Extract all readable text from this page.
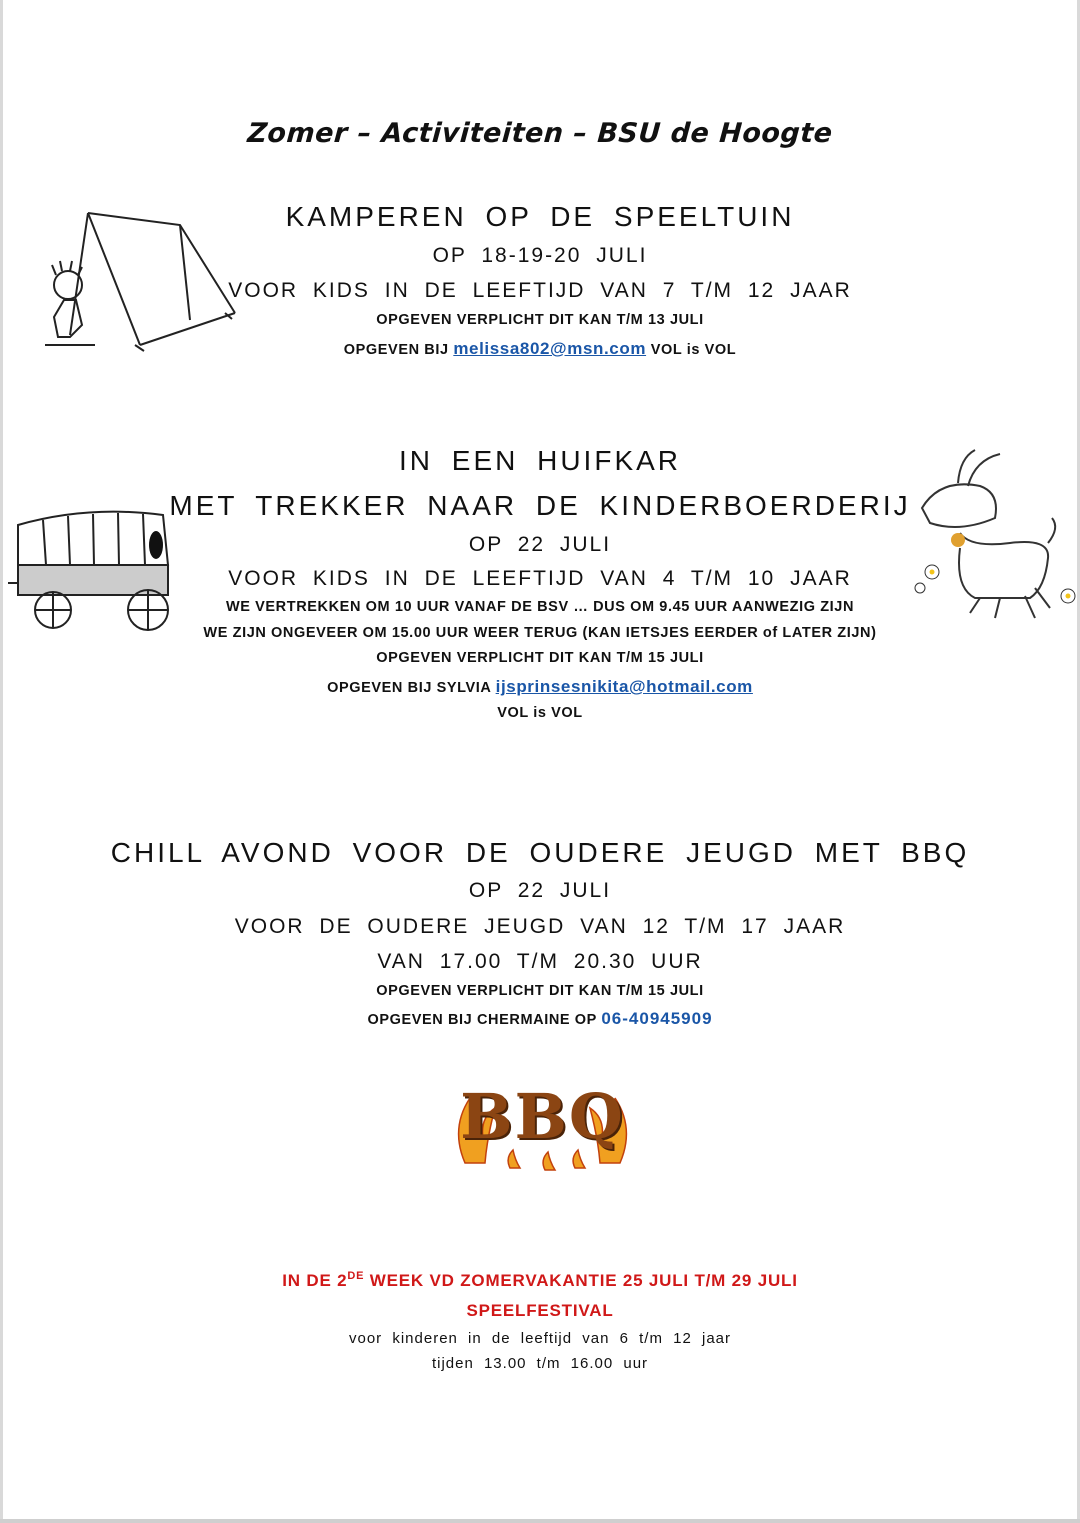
Zomer – Activiteiten – BSU de Hoogte
KAMPEREN OP DE SPEELTUIN
OP 18-19-20 JULI
VOOR KIDS IN DE LEEFTIJD VAN 7 T/M 12 JAAR
OPGEVEN VERPLICHT DIT KAN T/M 13 JULI
OPGEVEN BIJ melissa802@msn.com VOL is VOL
IN EEN HUIFKAR
MET TREKKER NAAR DE KINDERBOERDERIJ
OP 22 JULI
VOOR KIDS IN DE LEEFTIJD VAN 4 T/M 10 JAAR
WE VERTREKKEN OM 10 UUR VANAF DE BSV … DUS OM 9.45 UUR AANWEZIG ZIJN
WE ZIJN ONGEVEER OM 15.00 UUR WEER TERUG (KAN IETSJES EERDER of LATER ZIJN)
OPGEVEN VERPLICHT DIT KAN T/M 15 JULI
OPGEVEN BIJ SYLVIA ijsprinsesnikita@hotmail.com
VOL is VOL
CHILL AVOND VOOR DE OUDERE JEUGD MET BBQ
OP 22 JULI
VOOR DE OUDERE JEUGD VAN 12 T/M 17 JAAR
VAN 17.00 T/M 20.30 UUR
OPGEVEN VERPLICHT DIT KAN T/M 15 JULI
OPGEVEN BIJ CHERMAINE OP 06-40945909
BBQ
IN DE 2DE WEEK VD ZOMERVAKANTIE 25 JULI T/M 29 JULI
SPEELFESTIVAL
voor kinderen in de leeftijd van 6 t/m 12 jaar
tijden 13.00 t/m 16.00 uur
